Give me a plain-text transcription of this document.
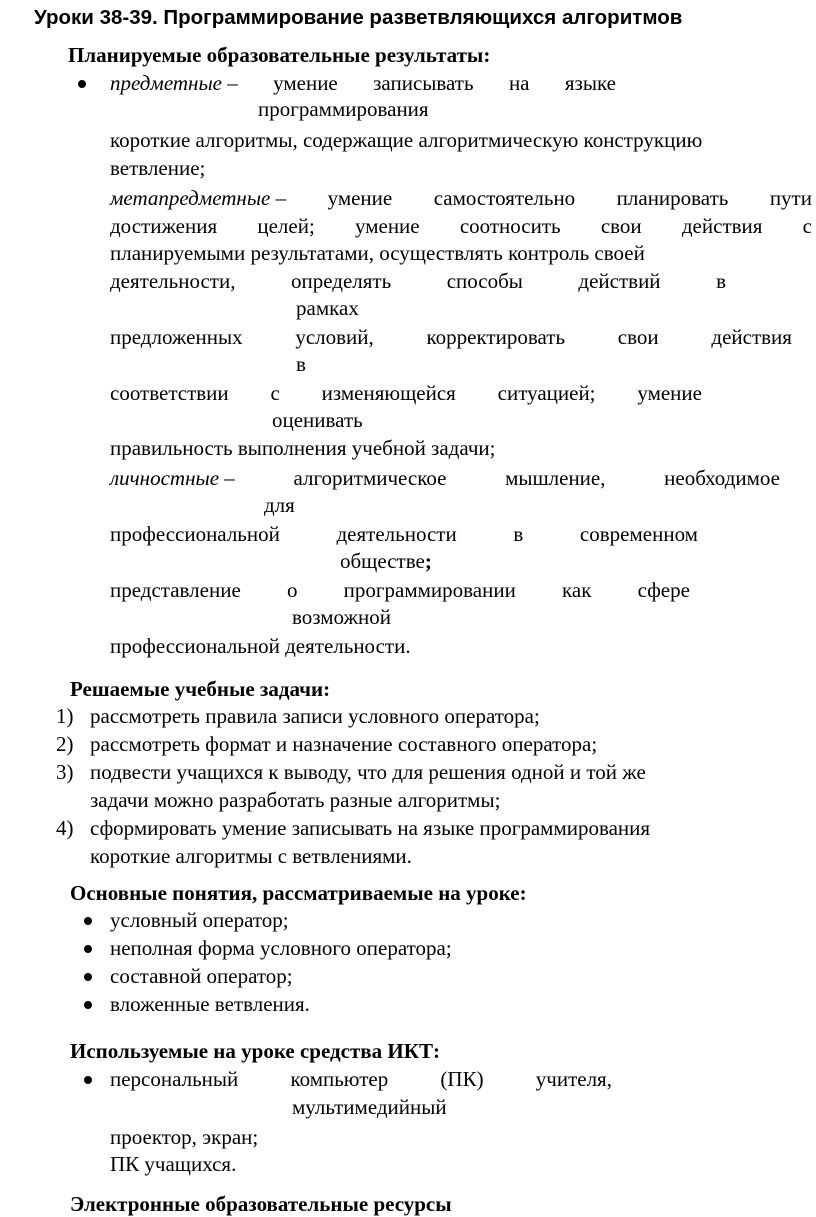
Уроки 38-39. Программирование разветвляющихся алгоритмов
Планируемые образовательные результаты:
предметные – умение записывать на языке
программирования
короткие алгоритмы, содержащие алгоритмическую конструкцию
ветвление;
метапредметные – умение самостоятельно планировать пути
достижения целей; умение соотносить свои действия с
планируемыми результатами, осуществлять контроль своей
деятельности,	определять	способы	действий	в
рамках
предложенных	условий,	корректировать	свои	действия
в
соответствии с изменяющейся ситуацией; умение
оценивать
правильность выполнения учебной задачи;
личностные –	алгоритмическое	мышление,	необходимое
для
профессиональной	деятельности	в	современном
обществе;
представление о программировании как сфере
возможной
профессиональной деятельности.
Решаемые учебные задачи:
1) рассмотреть правила записи условного оператора;
2) рассмотреть формат и назначение составного оператора;
3) подвести учащихся к выводу, что для решения одной и той же
задачи можно разработать разные алгоритмы;
4) сформировать умение записывать на языке программирования
короткие алгоритмы с ветвлениями.
Основные понятия, рассматриваемые на уроке:
условный оператор;
неполная форма условного оператора;
составной оператор;
вложенные ветвления.
Используемые на уроке средства ИКТ:
персональный компьютер (ПК) учителя,
мультимедийный
проектор, экран;
ПК учащихся.
Электронные образовательные ресурсы
